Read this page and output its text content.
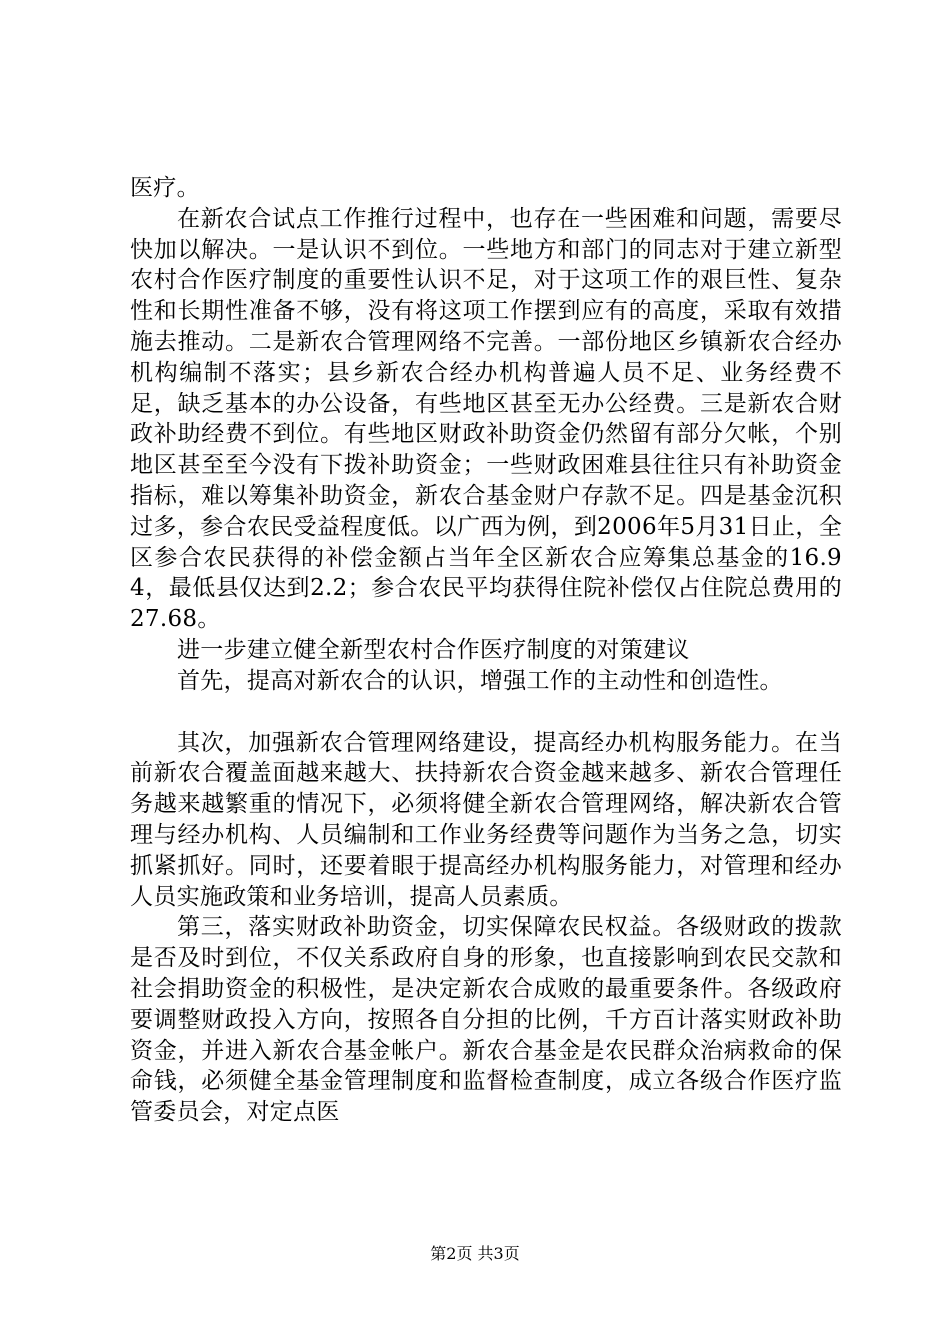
医疗。

在新农合试点工作推行过程中，也存在一些困难和问题，需要尽快加以解决。一是认识不到位。一些地方和部门的同志对于建立新型农村合作医疗制度的重要性认识不足，对于这项工作的艰巨性、复杂性和长期性准备不够，没有将这项工作摆到应有的高度，采取有效措施去推动。二是新农合管理网络不完善。一部份地区乡镇新农合经办机构编制不落实；县乡新农合经办机构普遍人员不足、业务经费不足，缺乏基本的办公设备，有些地区甚至无办公经费。三是新农合财政补助经费不到位。有些地区财政补助资金仍然留有部分欠帐，个别地区甚至至今没有下拨补助资金；一些财政困难县往往只有补助资金指标，难以筹集补助资金，新农合基金财户存款不足。四是基金沉积过多，参合农民受益程度低。以广西为例，到2006年5月31日止，全区参合农民获得的补偿金额占当年全区新农合应筹集总基金的16.94，最低县仅达到2.2；参合农民平均获得住院补偿仅占住院总费用的27.68。

进一步建立健全新型农村合作医疗制度的对策建议

首先，提高对新农合的认识，增强工作的主动性和创造性。

其次，加强新农合管理网络建设，提高经办机构服务能力。在当前新农合覆盖面越来越大、扶持新农合资金越来越多、新农合管理任务越来越繁重的情况下，必须将健全新农合管理网络，解决新农合管理与经办机构、人员编制和工作业务经费等问题作为当务之急，切实抓紧抓好。同时，还要着眼于提高经办机构服务能力，对管理和经办人员实施政策和业务培训，提高人员素质。

第三，落实财政补助资金，切实保障农民权益。各级财政的拨款是否及时到位，不仅关系政府自身的形象，也直接影响到农民交款和社会捐助资金的积极性，是决定新农合成败的最重要条件。各级政府要调整财政投入方向，按照各自分担的比例，千方百计落实财政补助资金，并进入新农合基金帐户。新农合基金是农民群众治病救命的保命钱，必须健全基金管理制度和监督检查制度，成立各级合作医疗监管委员会，对定点医

第2页 共3页
